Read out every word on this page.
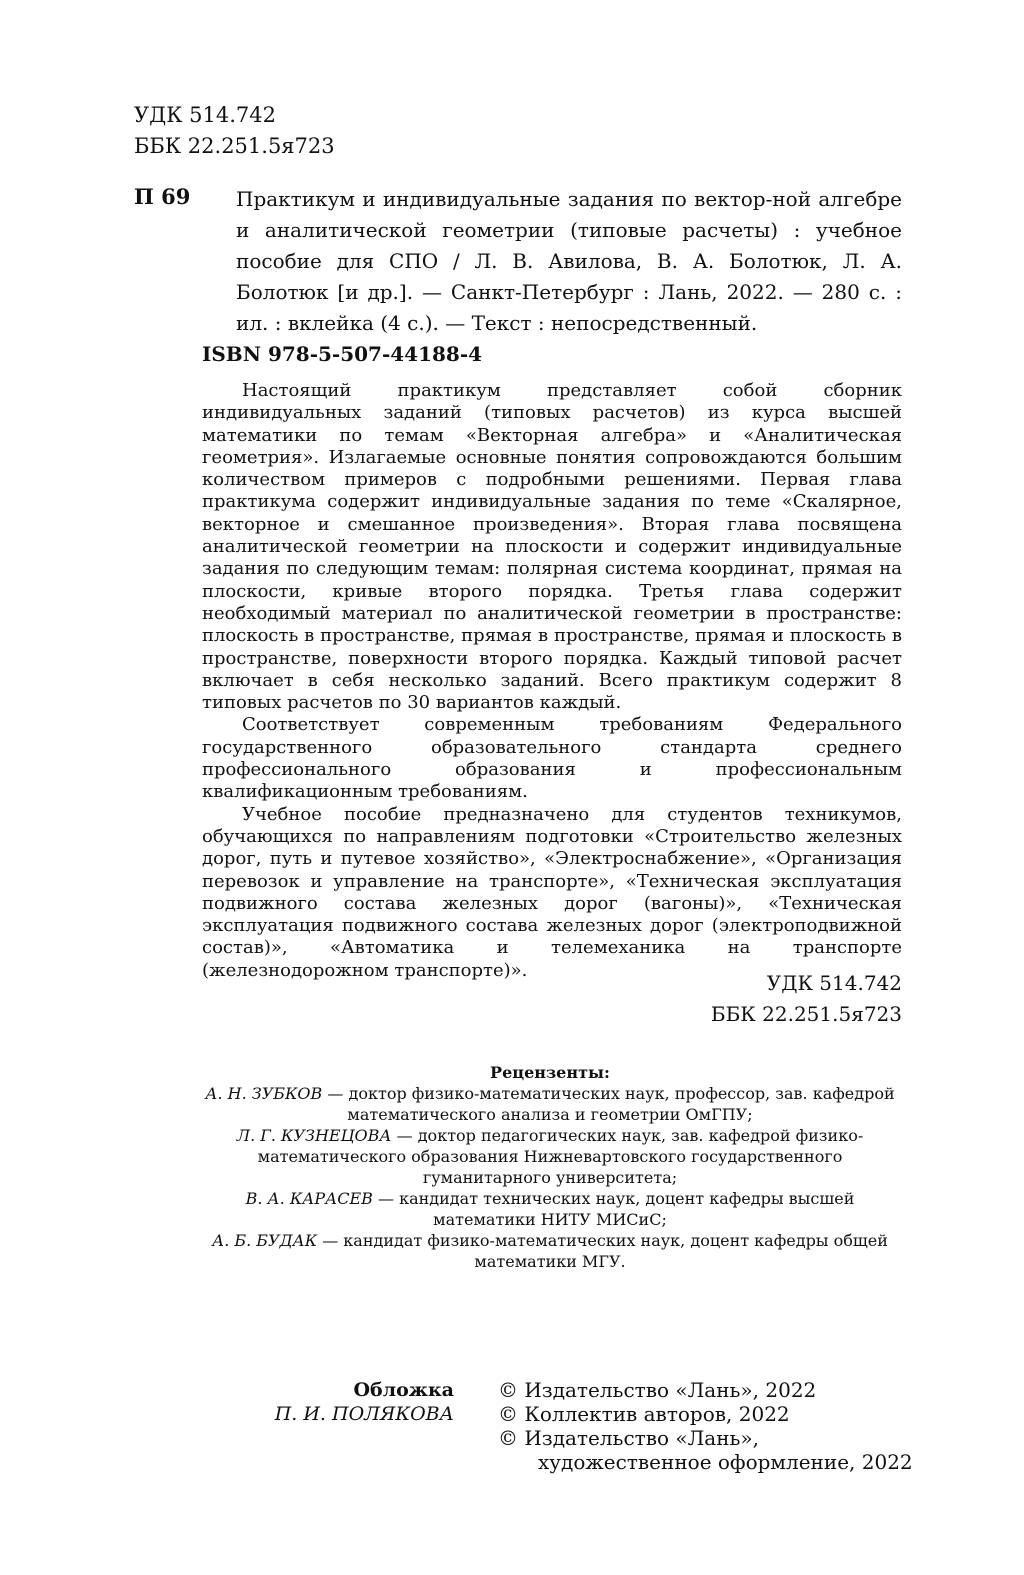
УДК 514.742
ББК 22.251.5я723
П 69 Практикум и индивидуальные задания по вектор-ной алгебре и аналитической геометрии (типовые расчеты) : учебное пособие для СПО / Л. В. Авилова, В. А. Болотюк, Л. А. Болотюк [и др.]. — Санкт-Петербург : Лань, 2022. — 280 с. : ил. : вклейка (4 с.). — Текст : непосредственный.
ISBN 978-5-507-44188-4

Настоящий практикум представляет собой сборник индивидуальных заданий (типовых расчетов) из курса высшей математики по темам «Векторная алгебра» и «Аналитическая геометрия». Излагаемые основные понятия сопровождаются большим количеством примеров с подробными решениями. Первая глава практикума содержит индивидуальные задания по теме «Скалярное, векторное и смешанное произведения». Вторая глава посвящена аналитической геометрии на плоскости и содержит индивидуальные задания по следующим темам: полярная система координат, прямая на плоскости, кривые второго порядка. Третья глава содержит необходимый материал по аналитической геометрии в пространстве: плоскость в пространстве, прямая в пространстве, прямая и плоскость в пространстве, поверхности второго порядка. Каждый типовой расчет включает в себя несколько заданий. Всего практикум содержит 8 типовых расчетов по 30 вариантов каждый.

Соответствует современным требованиям Федерального государственного образовательного стандарта среднего профессионального образования и профессиональным квалификационным требованиям.

Учебное пособие предназначено для студентов техникумов, обучающихся по направлениям подготовки «Строительство железных дорог, путь и путевое хозяйство», «Электроснабжение», «Организация перевозок и управление на транспорте», «Техническая эксплуатация подвижного состава железных дорог (вагоны)», «Техническая эксплуатация подвижного состава железных дорог (электроподвижной состав)», «Автоматика и телемеханика на транспорте (железнодорожном транспорте)».

УДК 514.742
ББК 22.251.5я723
Рецензенты:
А. Н. ЗУБКОВ — доктор физико-математических наук, профессор, зав. кафедрой математического анализа и геометрии ОмГПУ;
Л. Г. КУЗНЕЦОВА — доктор педагогических наук, зав. кафедрой физико-математического образования Нижневартовского государственного гуманитарного университета;
В. А. КАРАСЕВ — кандидат технических наук, доцент кафедры высшей математики НИТУ МИСиС;
А. Б. БУДАК — кандидат физико-математических наук, доцент кафедры общей математики МГУ.
Обложка
П. И. ПОЛЯКОВА
© Издательство «Лань», 2022
© Коллектив авторов, 2022
© Издательство «Лань»,
художественное оформление, 2022
